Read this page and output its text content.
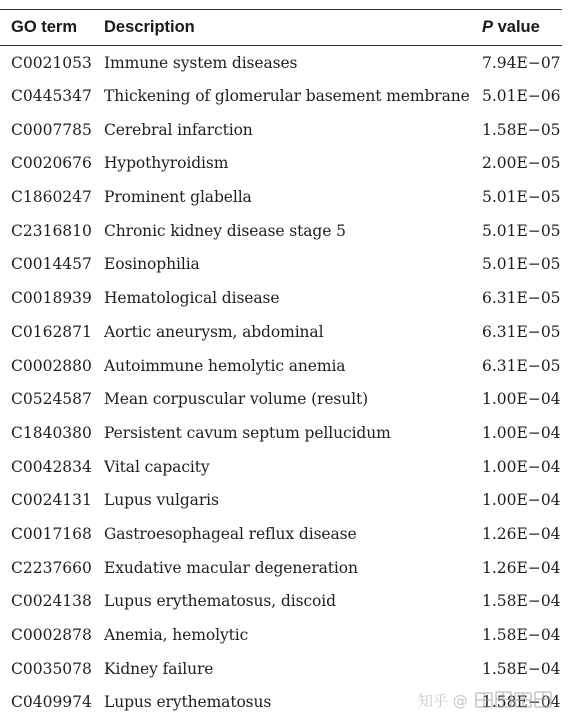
GO term	Description	P value
C0021053	Immune system diseases	7.94E−07
C0445347	Thickening of glomerular basement membrane	5.01E−06
C0007785	Cerebral infarction	1.58E−05
C0020676	Hypothyroidism	2.00E−05
C1860247	Prominent glabella	5.01E−05
C2316810	Chronic kidney disease stage 5	5.01E−05
C0014457	Eosinophilia	5.01E−05
C0018939	Hematological disease	6.31E−05
C0162871	Aortic aneurysm, abdominal	6.31E−05
C0002880	Autoimmune hemolytic anemia	6.31E−05
C0524587	Mean corpuscular volume (result)	1.00E−04
C1840380	Persistent cavum septum pellucidum	1.00E−04
C0042834	Vital capacity	1.00E−04
C0024131	Lupus vulgaris	1.00E−04
C0017168	Gastroesophageal reflux disease	1.26E−04
C2237660	Exudative macular degeneration	1.26E−04
C0024138	Lupus erythematosus, discoid	1.58E−04
C0002878	Anemia, hemolytic	1.58E−04
C0035078	Kidney failure	1.58E−04
C0409974	Lupus erythematosus	1.58E−04
知乎 @
